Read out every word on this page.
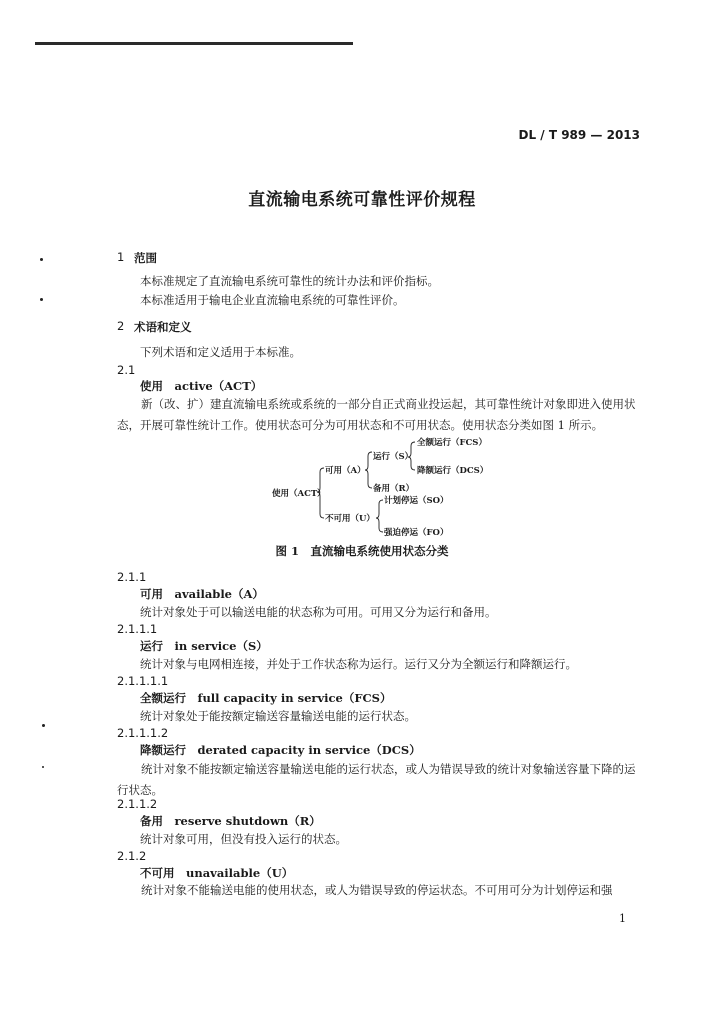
DL / T 989 — 2013
直流输电系统可靠性评价规程
1 范围
本标准规定了直流输电系统可靠性的统计办法和评价指标。
本标准适用于输电企业直流输电系统的可靠性评价。
2 术语和定义
下列术语和定义适用于本标准。
2.1
使用　active（ACT）
新（改、扩）建直流输电系统或系统的一部分自正式商业投运起，其可靠性统计对象即进入使用状态，开展可靠性统计工作。使用状态可分为可用状态和不可用状态。使用状态分类如图 1 所示。
使用（ACT）
可用（A）
运行（S）
全额运行（FCS）
降额运行（DCS）
备用（R）
不可用（U）
计划停运（SO）
强迫停运（FO）
图 1　直流输电系统使用状态分类
2.1.1
可用　available（A）
统计对象处于可以输送电能的状态称为可用。可用又分为运行和备用。
2.1.1.1
运行　in service（S）
统计对象与电网相连接，并处于工作状态称为运行。运行又分为全额运行和降额运行。
2.1.1.1.1
全额运行　full capacity in service（FCS）
统计对象处于能按额定输送容量输送电能的运行状态。
2.1.1.1.2
降额运行　derated capacity in service（DCS）
统计对象不能按额定输送容量输送电能的运行状态，或人为错误导致的统计对象输送容量下降的运行状态。
2.1.1.2
备用　reserve shutdown（R）
统计对象可用，但没有投入运行的状态。
2.1.2
不可用　unavailable（U）
统计对象不能输送电能的使用状态，或人为错误导致的停运状态。不可用可分为计划停运和强
1
